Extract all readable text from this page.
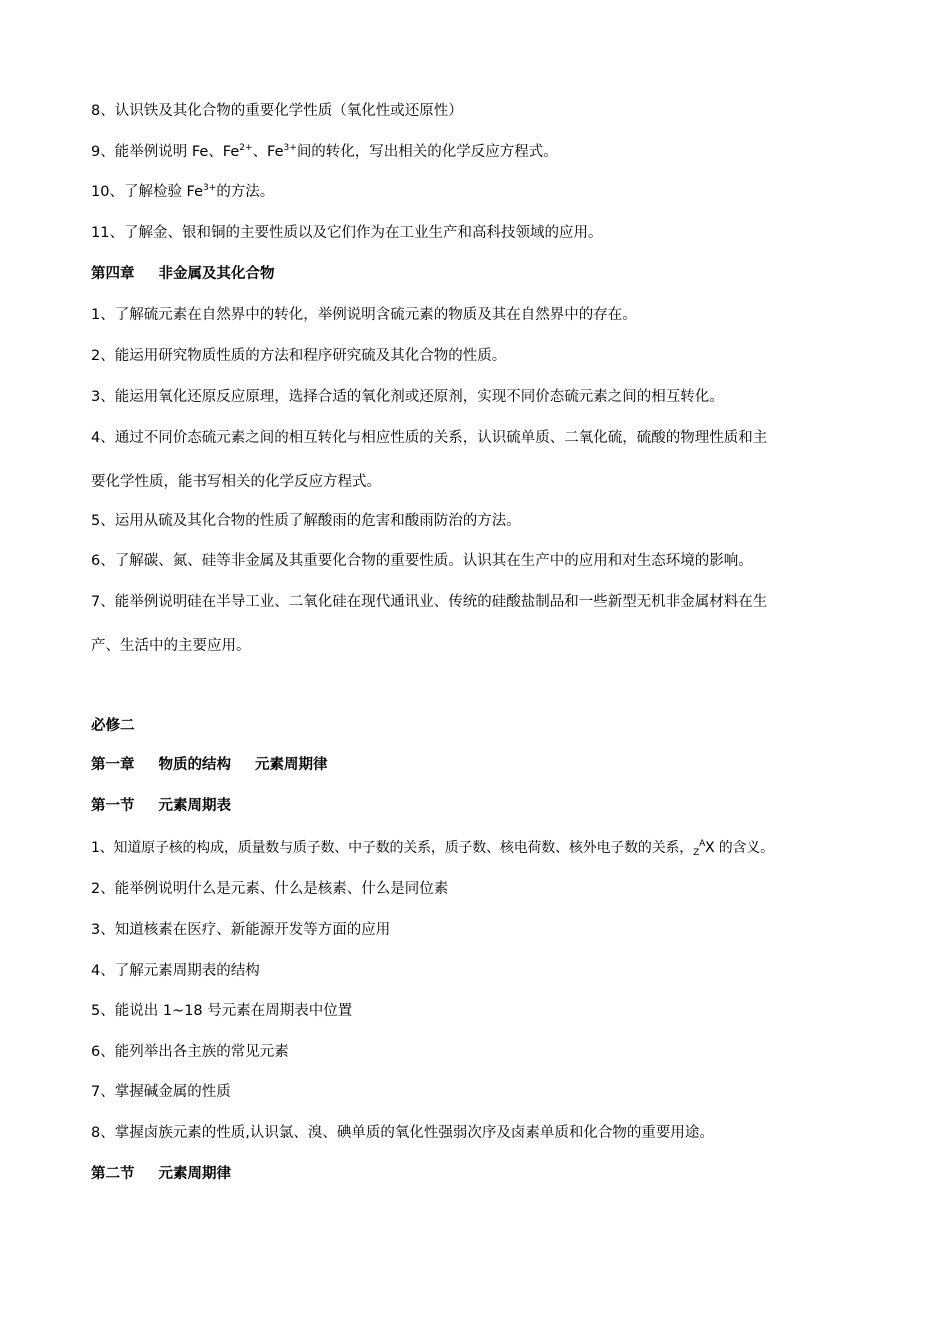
8、认识铁及其化合物的重要化学性质（氧化性或还原性）

9、能举例说明 Fe、$Fe^{2+}$、$Fe^{3+}$间的转化，写出相关的化学反应方程式。

10、了解检验 $Fe^{3+}$的方法。

11、了解金、银和铜的主要性质以及它们作为在工业生产和高科技领域的应用。

第四章 非金属及其化合物

1、了解硫元素在自然界中的转化，举例说明含硫元素的物质及其在自然界中的存在。

2、能运用研究物质性质的方法和程序研究硫及其化合物的性质。

3、能运用氧化还原反应原理，选择合适的氧化剂或还原剂，实现不同价态硫元素之间的相互转化。

4、通过不同价态硫元素之间的相互转化与相应性质的关系，认识硫单质、二氧化硫，硫酸的物理性质和主

要化学性质，能书写相关的化学反应方程式。

5、运用从硫及其化合物的性质了解酸雨的危害和酸雨防治的方法。

6、了解碳、氮、硅等非金属及其重要化合物的重要性质。认识其在生产中的应用和对生态环境的影响。

7、能举例说明硅在半导工业、二氧化硅在现代通讯业、传统的硅酸盐制品和一些新型无机非金属材料在生

产、生活中的主要应用。

必修二

第一章 物质的结构 元素周期律

第一节 元素周期表

1、知道原子核的构成，质量数与质子数、中子数的关系，质子数、核电荷数、核外电子数的关系，$_Z^A$X 的含义。

2、能举例说明什么是元素、什么是核素、什么是同位素

3、知道核素在医疗、新能源开发等方面的应用

4、了解元素周期表的结构

5、能说出 1~18 号元素在周期表中位置

6、能列举出各主族的常见元素

7、掌握碱金属的性质

8、掌握卤族元素的性质,认识氯、溴、碘单质的氧化性强弱次序及卤素单质和化合物的重要用途。

第二节 元素周期律
